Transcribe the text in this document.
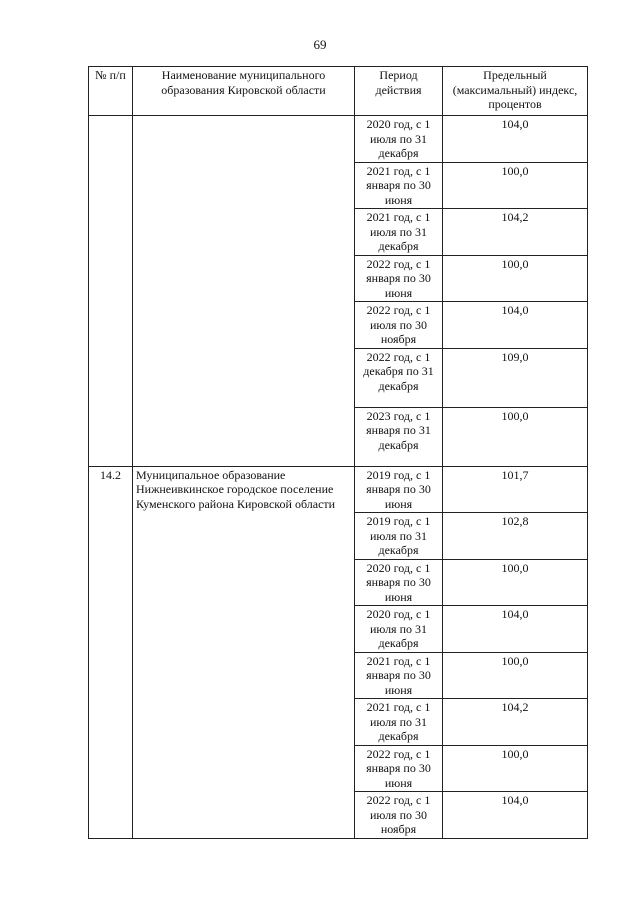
69
№ п/п	Наименование муниципального образования Кировской области	Период действия	Предельный (максимальный) индекс, процентов
		2020 год, с 1 июля по 31 декабря	104,0
		2021 год, с 1 января по 30 июня	100,0
		2021 год, с 1 июля по 31 декабря	104,2
		2022 год, с 1 января по 30 июня	100,0
		2022 год, с 1 июля по 30 ноября	104,0
		2022 год, с 1 декабря по 31 декабря	109,0
		2023 год, с 1 января по 31 декабря	100,0
14.2	Муниципальное образование Нижнеивкинское городское поселение Куменского района Кировской области	2019 год, с 1 января по 30 июня	101,7
		2019 год, с 1 июля по 31 декабря	102,8
		2020 год, с 1 января по 30 июня	100,0
		2020 год, с 1 июля по 31 декабря	104,0
		2021 год, с 1 января по 30 июня	100,0
		2021 год, с 1 июля по 31 декабря	104,2
		2022 год, с 1 января по 30 июня	100,0
		2022 год, с 1 июля по 30 ноября	104,0
